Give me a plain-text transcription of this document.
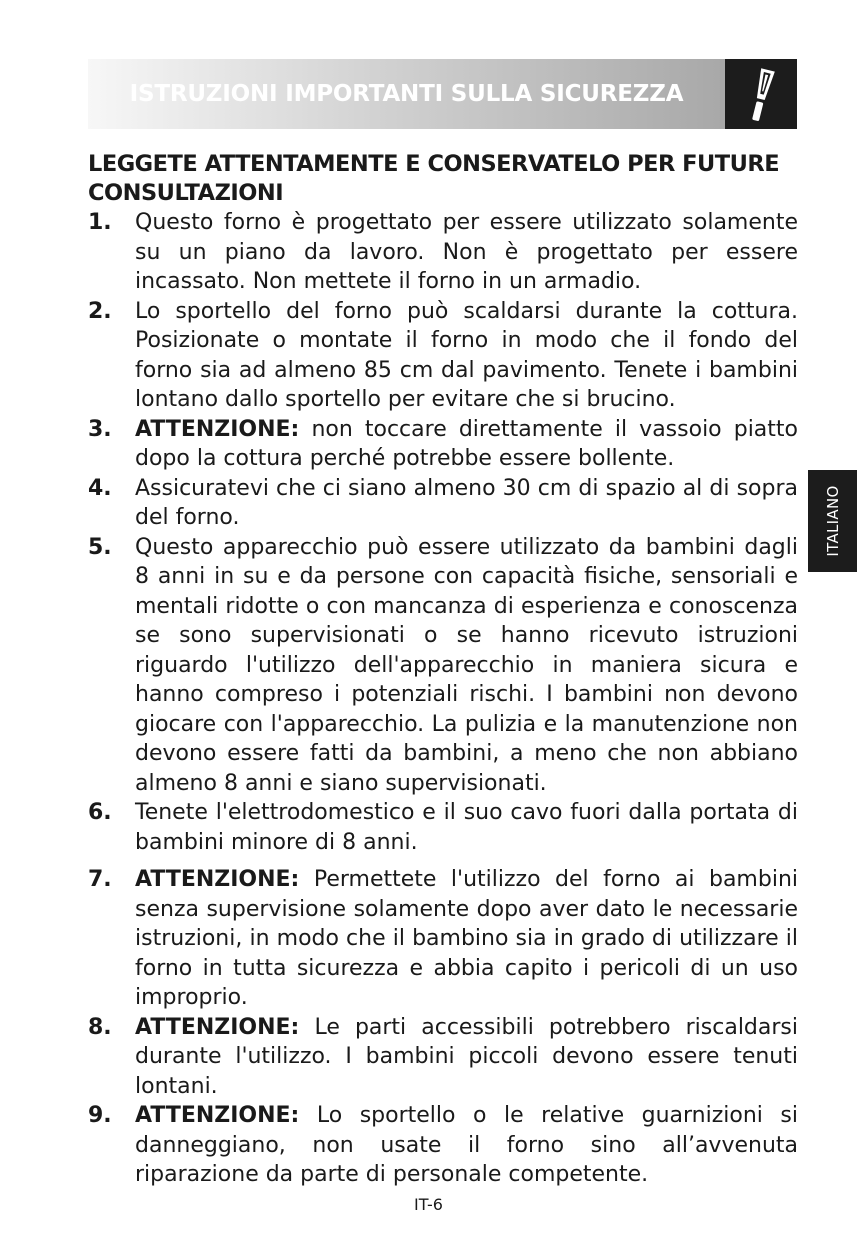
ISTRUZIONI IMPORTANTI SULLA SICUREZZA

LEGGETE ATTENTAMENTE E CONSERVATELO PER FUTURE CONSULTAZIONI

1. Questo forno è progettato per essere utilizzato solamente su un piano da lavoro. Non è progettato per essere incassato. Non mettete il forno in un armadio.
2. Lo sportello del forno può scaldarsi durante la cottura. Posizionate o montate il forno in modo che il fondo del forno sia ad almeno 85 cm dal pavimento. Tenete i bambini lontano dallo sportello per evitare che si brucino.
3. ATTENZIONE: non toccare direttamente il vassoio piatto dopo la cottura perché potrebbe essere bollente.
4. Assicuratevi che ci siano almeno 30 cm di spazio al di sopra del forno.
5. Questo apparecchio può essere utilizzato da bambini dagli 8 anni in su e da persone con capacità fisiche, sensoriali e mentali ridotte o con mancanza di esperienza e conoscenza se sono supervisionati o se hanno ricevuto istruzioni riguardo l'utilizzo dell'apparecchio in maniera sicura e hanno compreso i potenziali rischi. I bambini non devono giocare con l'apparecchio. La pulizia e la manutenzione non devono essere fatti da bambini, a meno che non abbiano almeno 8 anni e siano supervisionati.
6. Tenete l'elettrodomestico e il suo cavo fuori dalla portata di bambini minore di 8 anni.
7. ATTENZIONE: Permettete l'utilizzo del forno ai bambini senza supervisione solamente dopo aver dato le necessarie istruzioni, in modo che il bambino sia in grado di utilizzare il forno in tutta sicurezza e abbia capito i pericoli di un uso improprio.
8. ATTENZIONE: Le parti accessibili potrebbero riscaldarsi durante l'utilizzo. I bambini piccoli devono essere tenuti lontani.
9. ATTENZIONE: Lo sportello o le relative guarnizioni si danneggiano, non usate il forno sino all’avvenuta riparazione da parte di personale competente.
ITALIANO
IT-6
